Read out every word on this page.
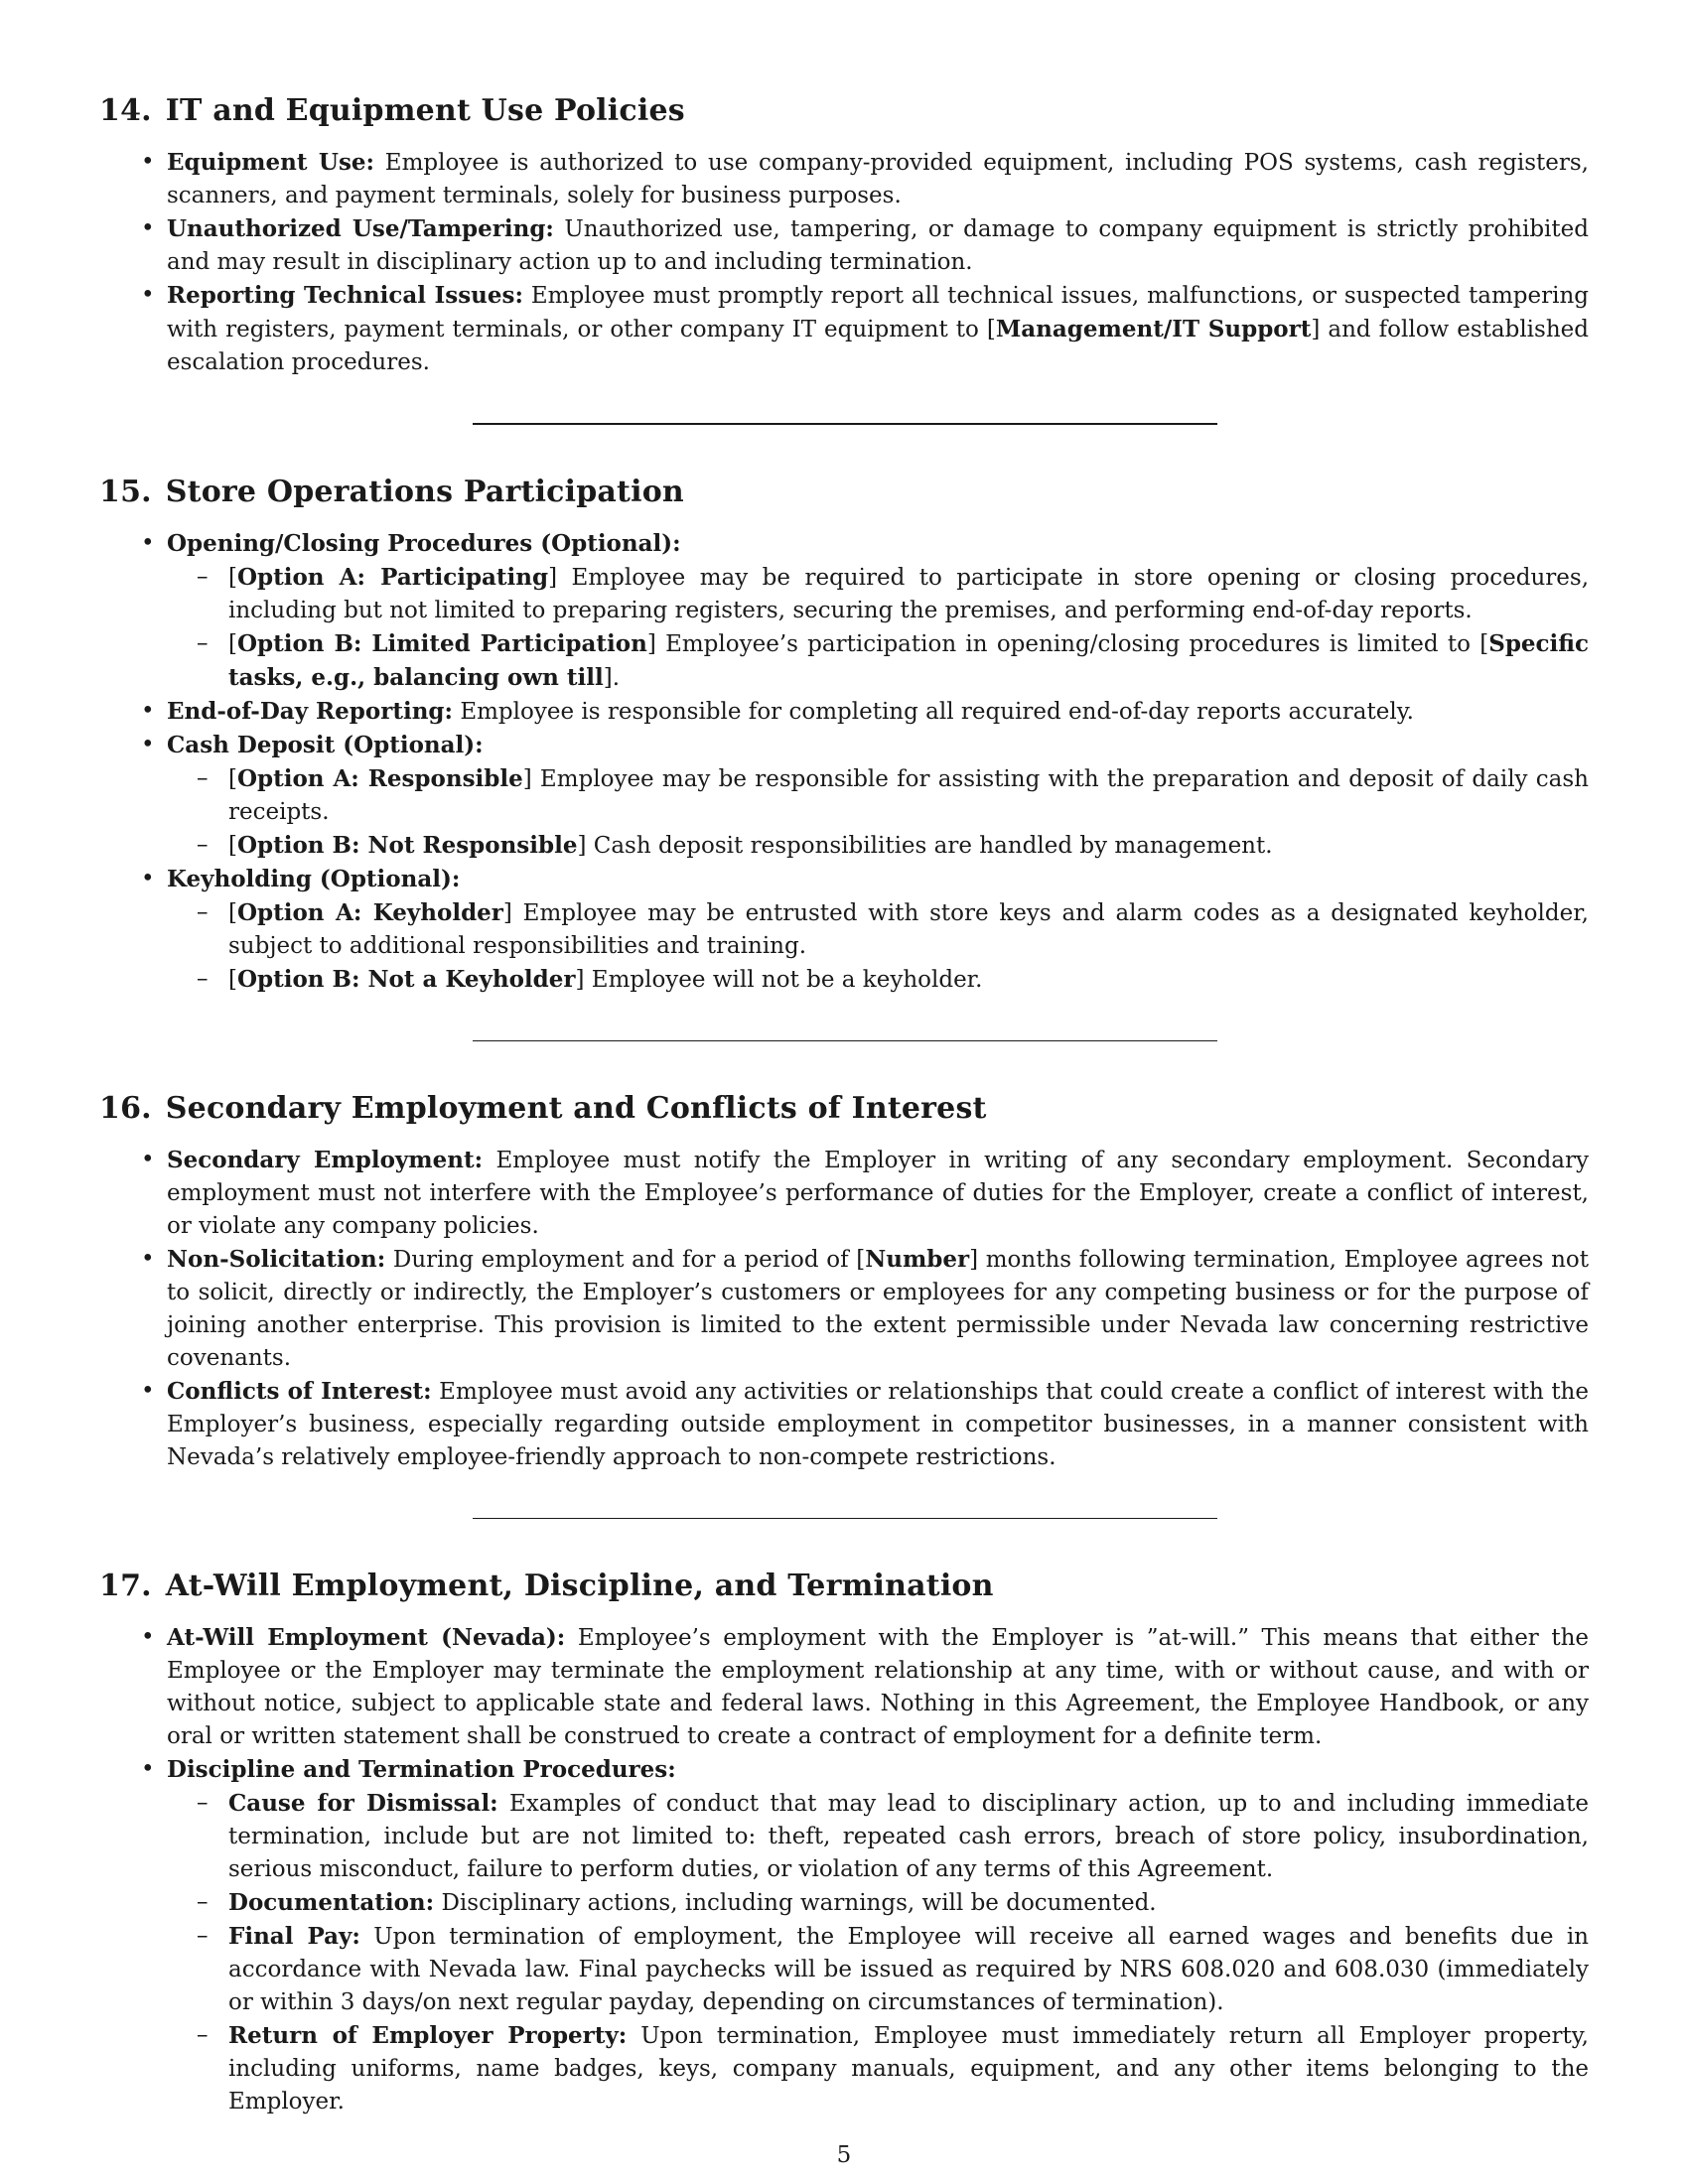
14. IT and Equipment Use Policies
• Equipment Use: Employee is authorized to use company-provided equipment, including POS systems, cash registers, scanners, and payment terminals, solely for business purposes.
• Unauthorized Use/Tampering: Unauthorized use, tampering, or damage to company equipment is strictly prohibited and may result in disciplinary action up to and including termination.
• Reporting Technical Issues: Employee must promptly report all technical issues, malfunctions, or suspected tampering with registers, payment terminals, or other company IT equipment to [Management/IT Support] and follow established escalation procedures.
15. Store Operations Participation
• Opening/Closing Procedures (Optional):
– [Option A: Participating] Employee may be required to participate in store opening or closing procedures, including but not limited to preparing registers, securing the premises, and performing end-of-day reports.
– [Option B: Limited Participation] Employee’s participation in opening/closing procedures is limited to [Specific tasks, e.g., balancing own till].
• End-of-Day Reporting: Employee is responsible for completing all required end-of-day reports accurately.
• Cash Deposit (Optional):
– [Option A: Responsible] Employee may be responsible for assisting with the preparation and deposit of daily cash receipts.
– [Option B: Not Responsible] Cash deposit responsibilities are handled by management.
• Keyholding (Optional):
– [Option A: Keyholder] Employee may be entrusted with store keys and alarm codes as a designated keyholder, subject to additional responsibilities and training.
– [Option B: Not a Keyholder] Employee will not be a keyholder.
16. Secondary Employment and Conflicts of Interest
• Secondary Employment: Employee must notify the Employer in writing of any secondary employment. Secondary employment must not interfere with the Employee’s performance of duties for the Employer, create a conflict of interest, or violate any company policies.
• Non-Solicitation: During employment and for a period of [Number] months following termination, Employee agrees not to solicit, directly or indirectly, the Employer’s customers or employees for any competing business or for the purpose of joining another enterprise. This provision is limited to the extent permissible under Nevada law concerning restrictive covenants.
• Conflicts of Interest: Employee must avoid any activities or relationships that could create a conflict of interest with the Employer’s business, especially regarding outside employment in competitor businesses, in a manner consistent with Nevada’s relatively employee-friendly approach to non-compete restrictions.
17. At-Will Employment, Discipline, and Termination
• At-Will Employment (Nevada): Employee’s employment with the Employer is ”at-will.” This means that either the Employee or the Employer may terminate the employment relationship at any time, with or without cause, and with or without notice, subject to applicable state and federal laws. Nothing in this Agreement, the Employee Handbook, or any oral or written statement shall be construed to create a contract of employment for a definite term.
• Discipline and Termination Procedures:
– Cause for Dismissal: Examples of conduct that may lead to disciplinary action, up to and including immediate termination, include but are not limited to: theft, repeated cash errors, breach of store policy, insubordination, serious misconduct, failure to perform duties, or violation of any terms of this Agreement.
– Documentation: Disciplinary actions, including warnings, will be documented.
– Final Pay: Upon termination of employment, the Employee will receive all earned wages and benefits due in accordance with Nevada law. Final paychecks will be issued as required by NRS 608.020 and 608.030 (immediately or within 3 days/on next regular payday, depending on circumstances of termination).
– Return of Employer Property: Upon termination, Employee must immediately return all Employer property, including uniforms, name badges, keys, company manuals, equipment, and any other items belonging to the Employer.
5
